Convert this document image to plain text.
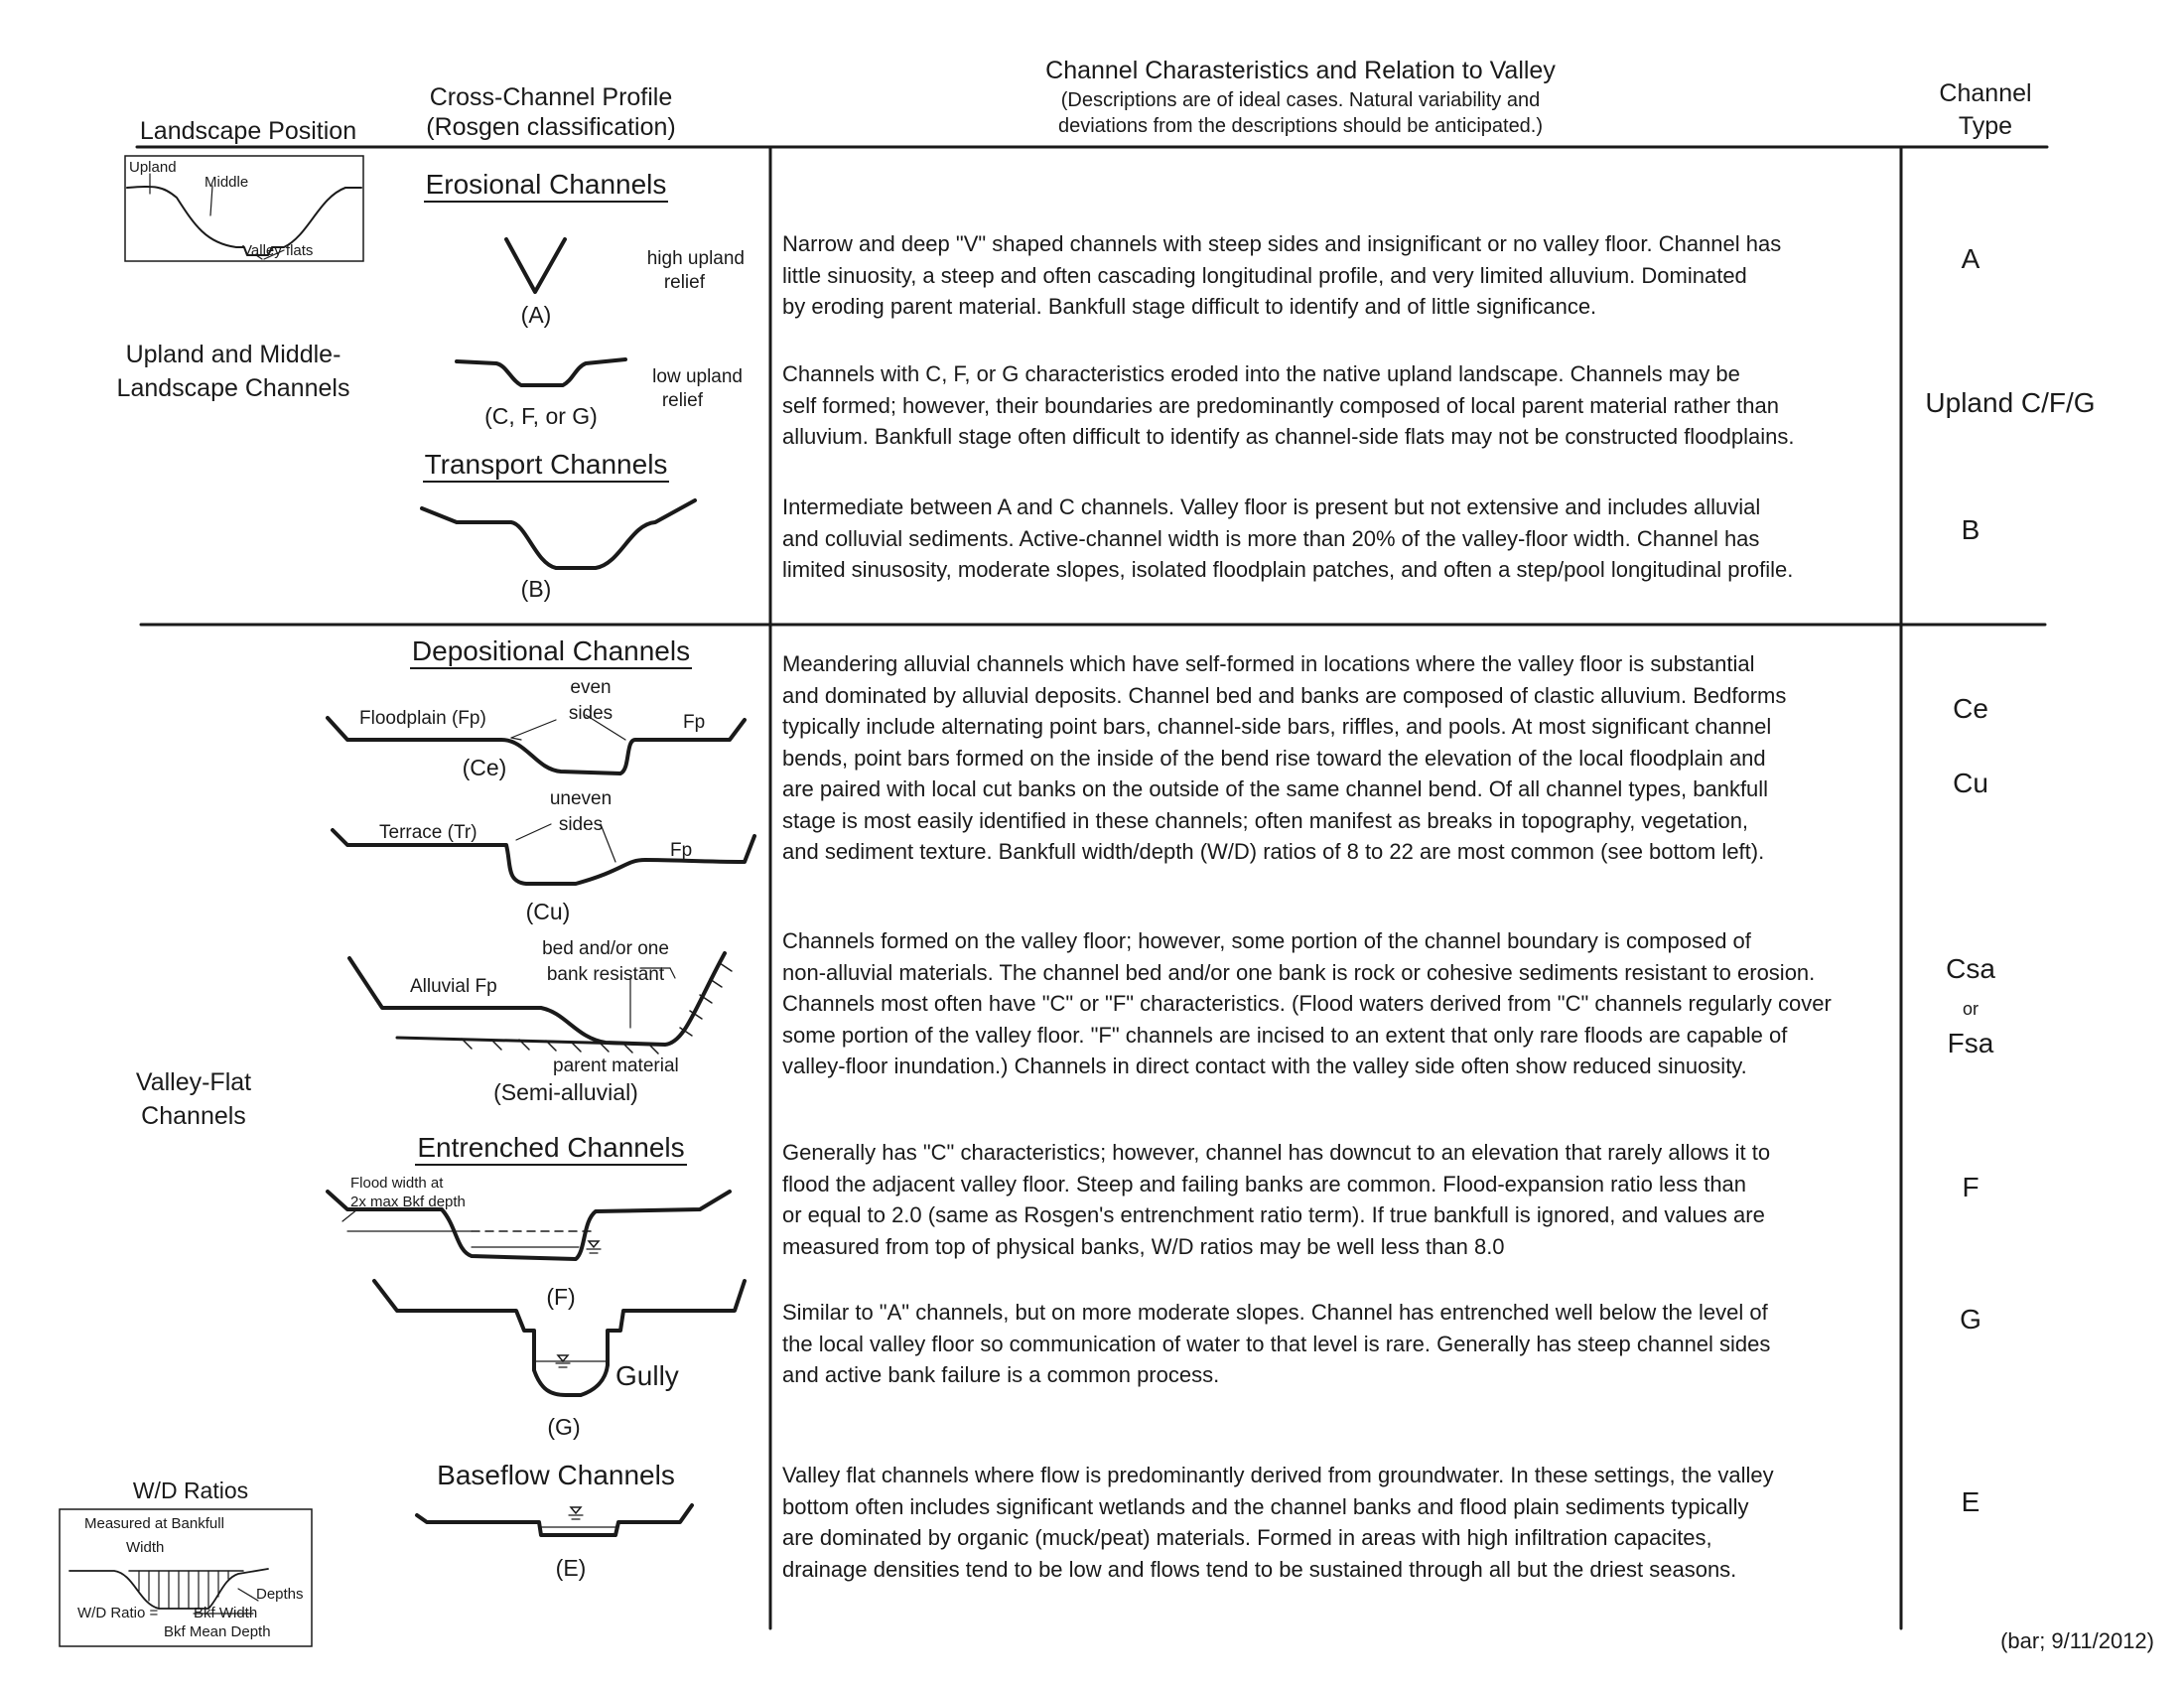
Landscape Position
Cross-Channel Profile
(Rosgen classification)
Channel Charasteristics and Relation to Valley
(Descriptions are of ideal cases. Natural variability and
deviations from the descriptions should be anticipated.)
Channel
Type
Upland
Middle
Valley flats
Upland and Middle-
Landscape Channels
Valley-Flat
Channels
Erosional Channels
Transport Channels
Depositional Channels
Entrenched Channels
Baseflow Channels
(A)
high upland
relief
(C, F, or G)
low upland
relief
(B)
Floodplain (Fp)
even
sides	Fp
(Ce)
Terrace (Tr)
uneven
sides
Fp
(Cu)
Alluvial Fp
bed and/or one
bank resistant
parent material
(Semi-alluvial)
Flood width at
2x max Bkf depth
(F)
Gully
(G)
(E)
W/D Ratios
Measured at Bankfull
Width
Depths
W/D Ratio = Bkf Width
Bkf Mean Depth
Narrow and deep "V" shaped channels with steep sides and insignificant or no valley floor. Channel has
little sinuosity, a steep and often cascading longitudinal profile, and very limited alluvium. Dominated
by eroding parent material. Bankfull stage difficult to identify and of little significance.
Channels with C, F, or G characteristics eroded into the native upland landscape. Channels may be
self formed; however, their boundaries are predominantly composed of local parent material rather than
alluvium. Bankfull stage often difficult to identify as channel-side flats may not be constructed floodplains.
Intermediate between A and C channels. Valley floor is present but not extensive and includes alluvial
and colluvial sediments. Active-channel width is more than 20% of the valley-floor width. Channel has
limited sinusosity, moderate slopes, isolated floodplain patches, and often a step/pool longitudinal profile.
Meandering alluvial channels which have self-formed in locations where the valley floor is substantial
and dominated by alluvial deposits. Channel bed and banks are composed of clastic alluvium. Bedforms
typically include alternating point bars, channel-side bars, riffles, and pools. At most significant channel
bends, point bars formed on the inside of the bend rise toward the elevation of the local floodplain and
are paired with local cut banks on the outside of the same channel bend. Of all channel types, bankfull
stage is most easily identified in these channels; often manifest as breaks in topography, vegetation,
and sediment texture. Bankfull width/depth (W/D) ratios of 8 to 22 are most common (see bottom left).
Channels formed on the valley floor; however, some portion of the channel boundary is composed of
non-alluvial materials. The channel bed and/or one bank is rock or cohesive sediments resistant to erosion.
Channels most often have "C" or "F" characteristics. (Flood waters derived from "C" channels regularly cover
some portion of the valley floor. "F" channels are incised to an extent that only rare floods are capable of
valley-floor inundation.) Channels in direct contact with the valley side often show reduced sinuosity.
Generally has "C" characteristics; however, channel has downcut to an elevation that rarely allows it to
flood the adjacent valley floor. Steep and failing banks are common. Flood-expansion ratio less than
or equal to 2.0 (same as Rosgen's entrenchment ratio term). If true bankfull is ignored, and values are
measured from top of physical banks, W/D ratios may be well less than 8.0
Similar to "A" channels, but on more moderate slopes. Channel has entrenched well below the level of
the local valley floor so communication of water to that level is rare. Generally has steep channel sides
and active bank failure is a common process.
Valley flat channels where flow is predominantly derived from groundwater. In these settings, the valley
bottom often includes significant wetlands and the channel banks and flood plain sediments typically
are dominated by organic (muck/peat) materials. Formed in areas with high infiltration capacites,
drainage densities tend to be low and flows tend to be sustained through all but the driest seasons.
A
Upland C/F/G
B
Ce
Cu
Csa
or
Fsa
F
G
E
(bar; 9/11/2012)
